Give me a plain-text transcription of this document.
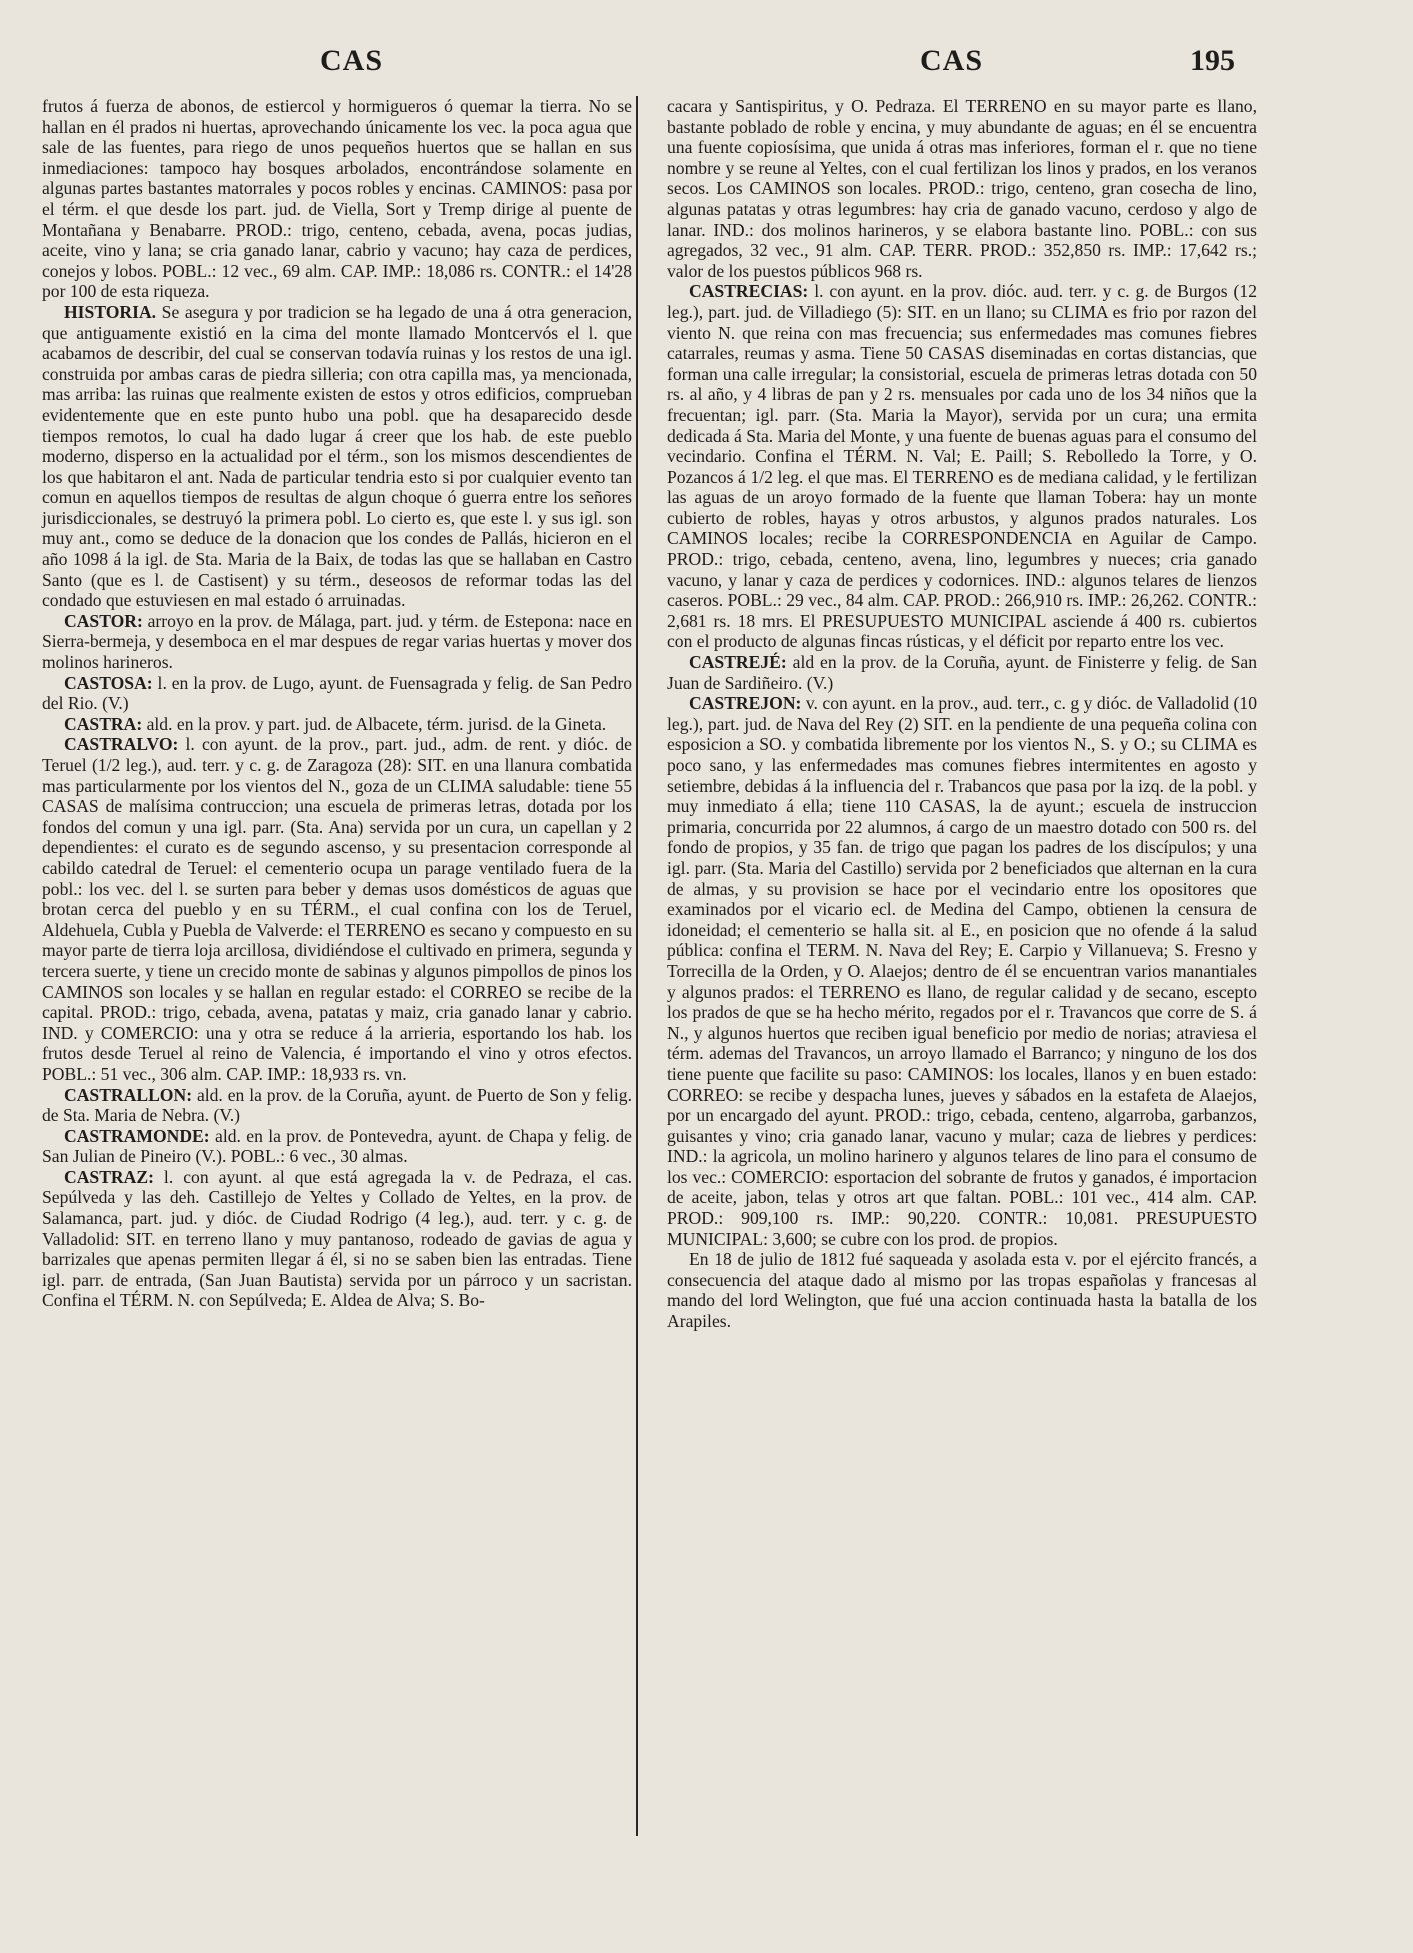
CAS	CAS	195

frutos á fuerza de abonos, de estiercol y hormigueros ó quemar la tierra. No se hallan en él prados ni huertas, aprovechando únicamente los vec. la poca agua que sale de las fuentes, para riego de unos pequeños huertos que se hallan en sus inmediaciones: tampoco hay bosques arbolados, encontrándose solamente en algunas partes bastantes matorrales y pocos robles y encinas. CAMINOS: pasa por el térm. el que desde los part. jud. de Viella, Sort y Tremp dirige al puente de Montañana y Benabarre. PROD.: trigo, centeno, cebada, avena, pocas judias, aceite, vino y lana; se cria ganado lanar, cabrio y vacuno; hay caza de perdices, conejos y lobos. POBL.: 12 vec., 69 alm. CAP. IMP.: 18,086 rs. CONTR.: el 14'28 por 100 de esta riqueza.

HISTORIA. Se asegura y por tradicion se ha legado de una á otra generacion, que antiguamente existió en la cima del monte llamado Montcervós el l. que acabamos de describir, del cual se conservan todavía ruinas y los restos de una igl. construida por ambas caras de piedra silleria; con otra capilla mas, ya mencionada, mas arriba: las ruinas que realmente existen de estos y otros edificios, comprueban evidentemente que en este punto hubo una pobl. que ha desaparecido desde tiempos remotos, lo cual ha dado lugar á creer que los hab. de este pueblo moderno, disperso en la actualidad por el térm., son los mismos descendientes de los que habitaron el ant. Nada de particular tendria esto si por cualquier evento tan comun en aquellos tiempos de resultas de algun choque ó guerra entre los señores jurisdiccionales, se destruyó la primera pobl. Lo cierto es, que este l. y sus igl. son muy ant., como se deduce de la donacion que los condes de Pallás, hicieron en el año 1098 á la igl. de Sta. Maria de la Baix, de todas las que se hallaban en Castro Santo (que es l. de Castisent) y su térm., deseosos de reformar todas las del condado que estuviesen en mal estado ó arruinadas.

CASTOR: arroyo en la prov. de Málaga, part. jud. y térm. de Estepona: nace en Sierra-bermeja, y desemboca en el mar despues de regar varias huertas y mover dos molinos harineros.

CASTOSA: l. en la prov. de Lugo, ayunt. de Fuensagrada y felig. de San Pedro del Rio. (V.)

CASTRA: ald. en la prov. y part. jud. de Albacete, térm. jurisd. de la Gineta.

CASTRALVO: l. con ayunt. de la prov., part. jud., adm. de rent. y dióc. de Teruel (1/2 leg.), aud. terr. y c. g. de Zaragoza (28): SIT. en una llanura combatida mas particularmente por los vientos del N., goza de un CLIMA saludable: tiene 55 CASAS de malísima contruccion; una escuela de primeras letras, dotada por los fondos del comun y una igl. parr. (Sta. Ana) servida por un cura, un capellan y 2 dependientes: el curato es de segundo ascenso, y su presentacion corresponde al cabildo catedral de Teruel: el cementerio ocupa un parage ventilado fuera de la pobl.: los vec. del l. se surten para beber y demas usos domésticos de aguas que brotan cerca del pueblo y en su TÉRM., el cual confina con los de Teruel, Aldehuela, Cubla y Puebla de Valverde: el TERRENO es secano y compuesto en su mayor parte de tierra loja arcillosa, dividiéndose el cultivado en primera, segunda y tercera suerte, y tiene un crecido monte de sabinas y algunos pimpollos de pinos los CAMINOS son locales y se hallan en regular estado: el CORREO se recibe de la capital. PROD.: trigo, cebada, avena, patatas y maiz, cria ganado lanar y cabrio. IND. y COMERCIO: una y otra se reduce á la arrieria, esportando los hab. los frutos desde Teruel al reino de Valencia, é importando el vino y otros efectos. POBL.: 51 vec., 306 alm. CAP. IMP.: 18,933 rs. vn.

CASTRALLON: ald. en la prov. de la Coruña, ayunt. de Puerto de Son y felig. de Sta. Maria de Nebra. (V.)

CASTRAMONDE: ald. en la prov. de Pontevedra, ayunt. de Chapa y felig. de San Julian de Pineiro (V.). POBL.: 6 vec., 30 almas.

CASTRAZ: l. con ayunt. al que está agregada la v. de Pedraza, el cas. Sepúlveda y las deh. Castillejo de Yeltes y Collado de Yeltes, en la prov. de Salamanca, part. jud. y dióc. de Ciudad Rodrigo (4 leg.), aud. terr. y c. g. de Valladolid: SIT. en terreno llano y muy pantanoso, rodeado de gavias de agua y barrizales que apenas permiten llegar á él, si no se saben bien las entradas. Tiene igl. parr. de entrada, (San Juan Bautista) servida por un párroco y un sacristan. Confina el TÉRM. N. con Sepúlveda; E. Aldea de Alva; S. Bo-

cacara y Santispiritus, y O. Pedraza. El TERRENO en su mayor parte es llano, bastante poblado de roble y encina, y muy abundante de aguas; en él se encuentra una fuente copiosísima, que unida á otras mas inferiores, forman el r. que no tiene nombre y se reune al Yeltes, con el cual fertilizan los linos y prados, en los veranos secos. Los CAMINOS son locales. PROD.: trigo, centeno, gran cosecha de lino, algunas patatas y otras legumbres: hay cria de ganado vacuno, cerdoso y algo de lanar. IND.: dos molinos harineros, y se elabora bastante lino. POBL.: con sus agregados, 32 vec., 91 alm. CAP. TERR. PROD.: 352,850 rs. IMP.: 17,642 rs.; valor de los puestos públicos 968 rs.

CASTRECIAS: l. con ayunt. en la prov. dióc. aud. terr. y c. g. de Burgos (12 leg.), part. jud. de Villadiego (5): SIT. en un llano; su CLIMA es frio por razon del viento N. que reina con mas frecuencia; sus enfermedades mas comunes fiebres catarrales, reumas y asma. Tiene 50 CASAS diseminadas en cortas distancias, que forman una calle irregular; la consistorial, escuela de primeras letras dotada con 50 rs. al año, y 4 libras de pan y 2 rs. mensuales por cada uno de los 34 niños que la frecuentan; igl. parr. (Sta. Maria la Mayor), servida por un cura; una ermita dedicada á Sta. Maria del Monte, y una fuente de buenas aguas para el consumo del vecindario. Confina el TÉRM. N. Val; E. Paill; S. Rebolledo la Torre, y O. Pozancos á 1/2 leg. el que mas. El TERRENO es de mediana calidad, y le fertilizan las aguas de un aroyo formado de la fuente que llaman Tobera: hay un monte cubierto de robles, hayas y otros arbustos, y algunos prados naturales. Los CAMINOS locales; recibe la CORRESPONDENCIA en Aguilar de Campo. PROD.: trigo, cebada, centeno, avena, lino, legumbres y nueces; cria ganado vacuno, y lanar y caza de perdices y codornices. IND.: algunos telares de lienzos caseros. POBL.: 29 vec., 84 alm. CAP. PROD.: 266,910 rs. IMP.: 26,262. CONTR.: 2,681 rs. 18 mrs. El PRESUPUESTO MUNICIPAL asciende á 400 rs. cubiertos con el producto de algunas fincas rústicas, y el déficit por reparto entre los vec.

CASTREJÉ: ald en la prov. de la Coruña, ayunt. de Finisterre y felig. de San Juan de Sardiñeiro. (V.)

CASTREJON: v. con ayunt. en la prov., aud. terr., c. g y dióc. de Valladolid (10 leg.), part. jud. de Nava del Rey (2) SIT. en la pendiente de una pequeña colina con esposicion a SO. y combatida libremente por los vientos N., S. y O.; su CLIMA es poco sano, y las enfermedades mas comunes fiebres intermitentes en agosto y setiembre, debidas á la influencia del r. Trabancos que pasa por la izq. de la pobl. y muy inmediato á ella; tiene 110 CASAS, la de ayunt.; escuela de instruccion primaria, concurrida por 22 alumnos, á cargo de un maestro dotado con 500 rs. del fondo de propios, y 35 fan. de trigo que pagan los padres de los discípulos; y una igl. parr. (Sta. Maria del Castillo) servida por 2 beneficiados que alternan en la cura de almas, y su provision se hace por el vecindario entre los opositores que examinados por el vicario ecl. de Medina del Campo, obtienen la censura de idoneidad; el cementerio se halla sit. al E., en posicion que no ofende á la salud pública: confina el TERM. N. Nava del Rey; E. Carpio y Villanueva; S. Fresno y Torrecilla de la Orden, y O. Alaejos; dentro de él se encuentran varios manantiales y algunos prados: el TERRENO es llano, de regular calidad y de secano, escepto los prados de que se ha hecho mérito, regados por el r. Travancos que corre de S. á N., y algunos huertos que reciben igual beneficio por medio de norias; atraviesa el térm. ademas del Travancos, un arroyo llamado el Barranco; y ninguno de los dos tiene puente que facilite su paso: CAMINOS: los locales, llanos y en buen estado: CORREO: se recibe y despacha lunes, jueves y sábados en la estafeta de Alaejos, por un encargado del ayunt. PROD.: trigo, cebada, centeno, algarroba, garbanzos, guisantes y vino; cria ganado lanar, vacuno y mular; caza de liebres y perdices: IND.: la agricola, un molino harinero y algunos telares de lino para el consumo de los vec.: COMERCIO: esportacion del sobrante de frutos y ganados, é importacion de aceite, jabon, telas y otros art que faltan. POBL.: 101 vec., 414 alm. CAP. PROD.: 909,100 rs. IMP.: 90,220. CONTR.: 10,081. PRESUPUESTO MUNICIPAL: 3,600; se cubre con los prod. de propios.

En 18 de julio de 1812 fué saqueada y asolada esta v. por el ejército francés, a consecuencia del ataque dado al mismo por las tropas españolas y francesas al mando del lord Welington, que fué una accion continuada hasta la batalla de los Arapiles.
